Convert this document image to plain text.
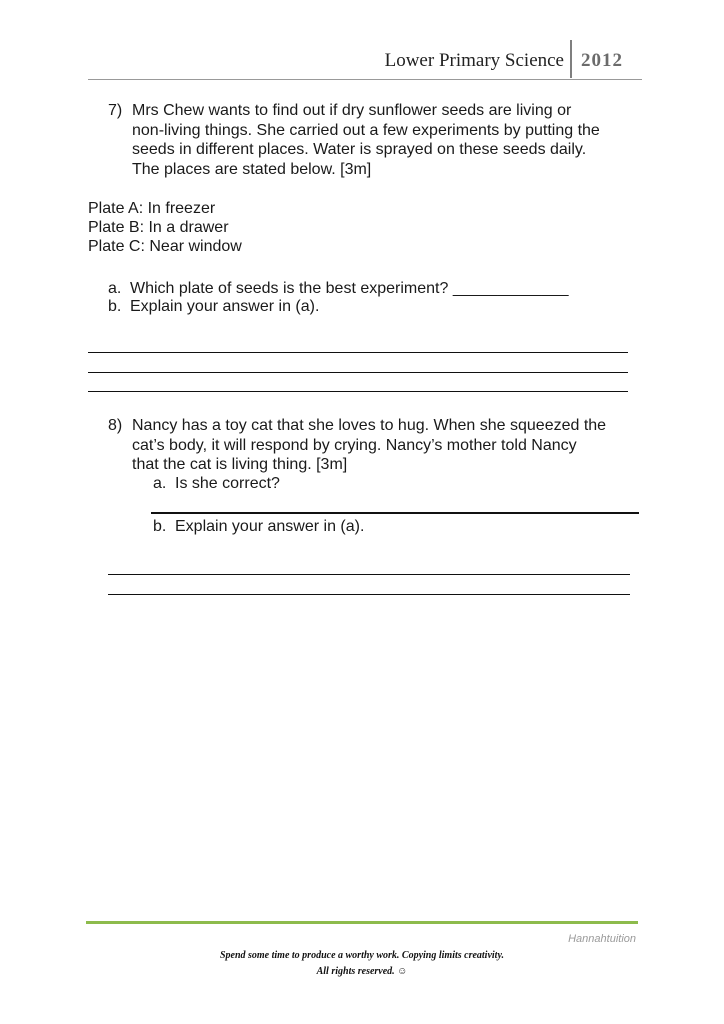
Lower Primary Science 2012
7) Mrs Chew wants to find out if dry sunflower seeds are living or
non-living things. She carried out a few experiments by putting the
seeds in different places. Water is sprayed on these seeds daily.
The places are stated below. [3m]
Plate A: In freezer
Plate B: In a drawer
Plate C: Near window
a. Which plate of seeds is the best experiment? _____________
b. Explain your answer in (a).
8) Nancy has a toy cat that she loves to hug. When she squeezed the
cat’s body, it will respond by crying. Nancy’s mother told Nancy
that the cat is living thing. [3m]
a. Is she correct?
b. Explain your answer in (a).
Hannahtuition
Spend some time to produce a worthy work. Copying limits creativity.
All rights reserved. ☺
